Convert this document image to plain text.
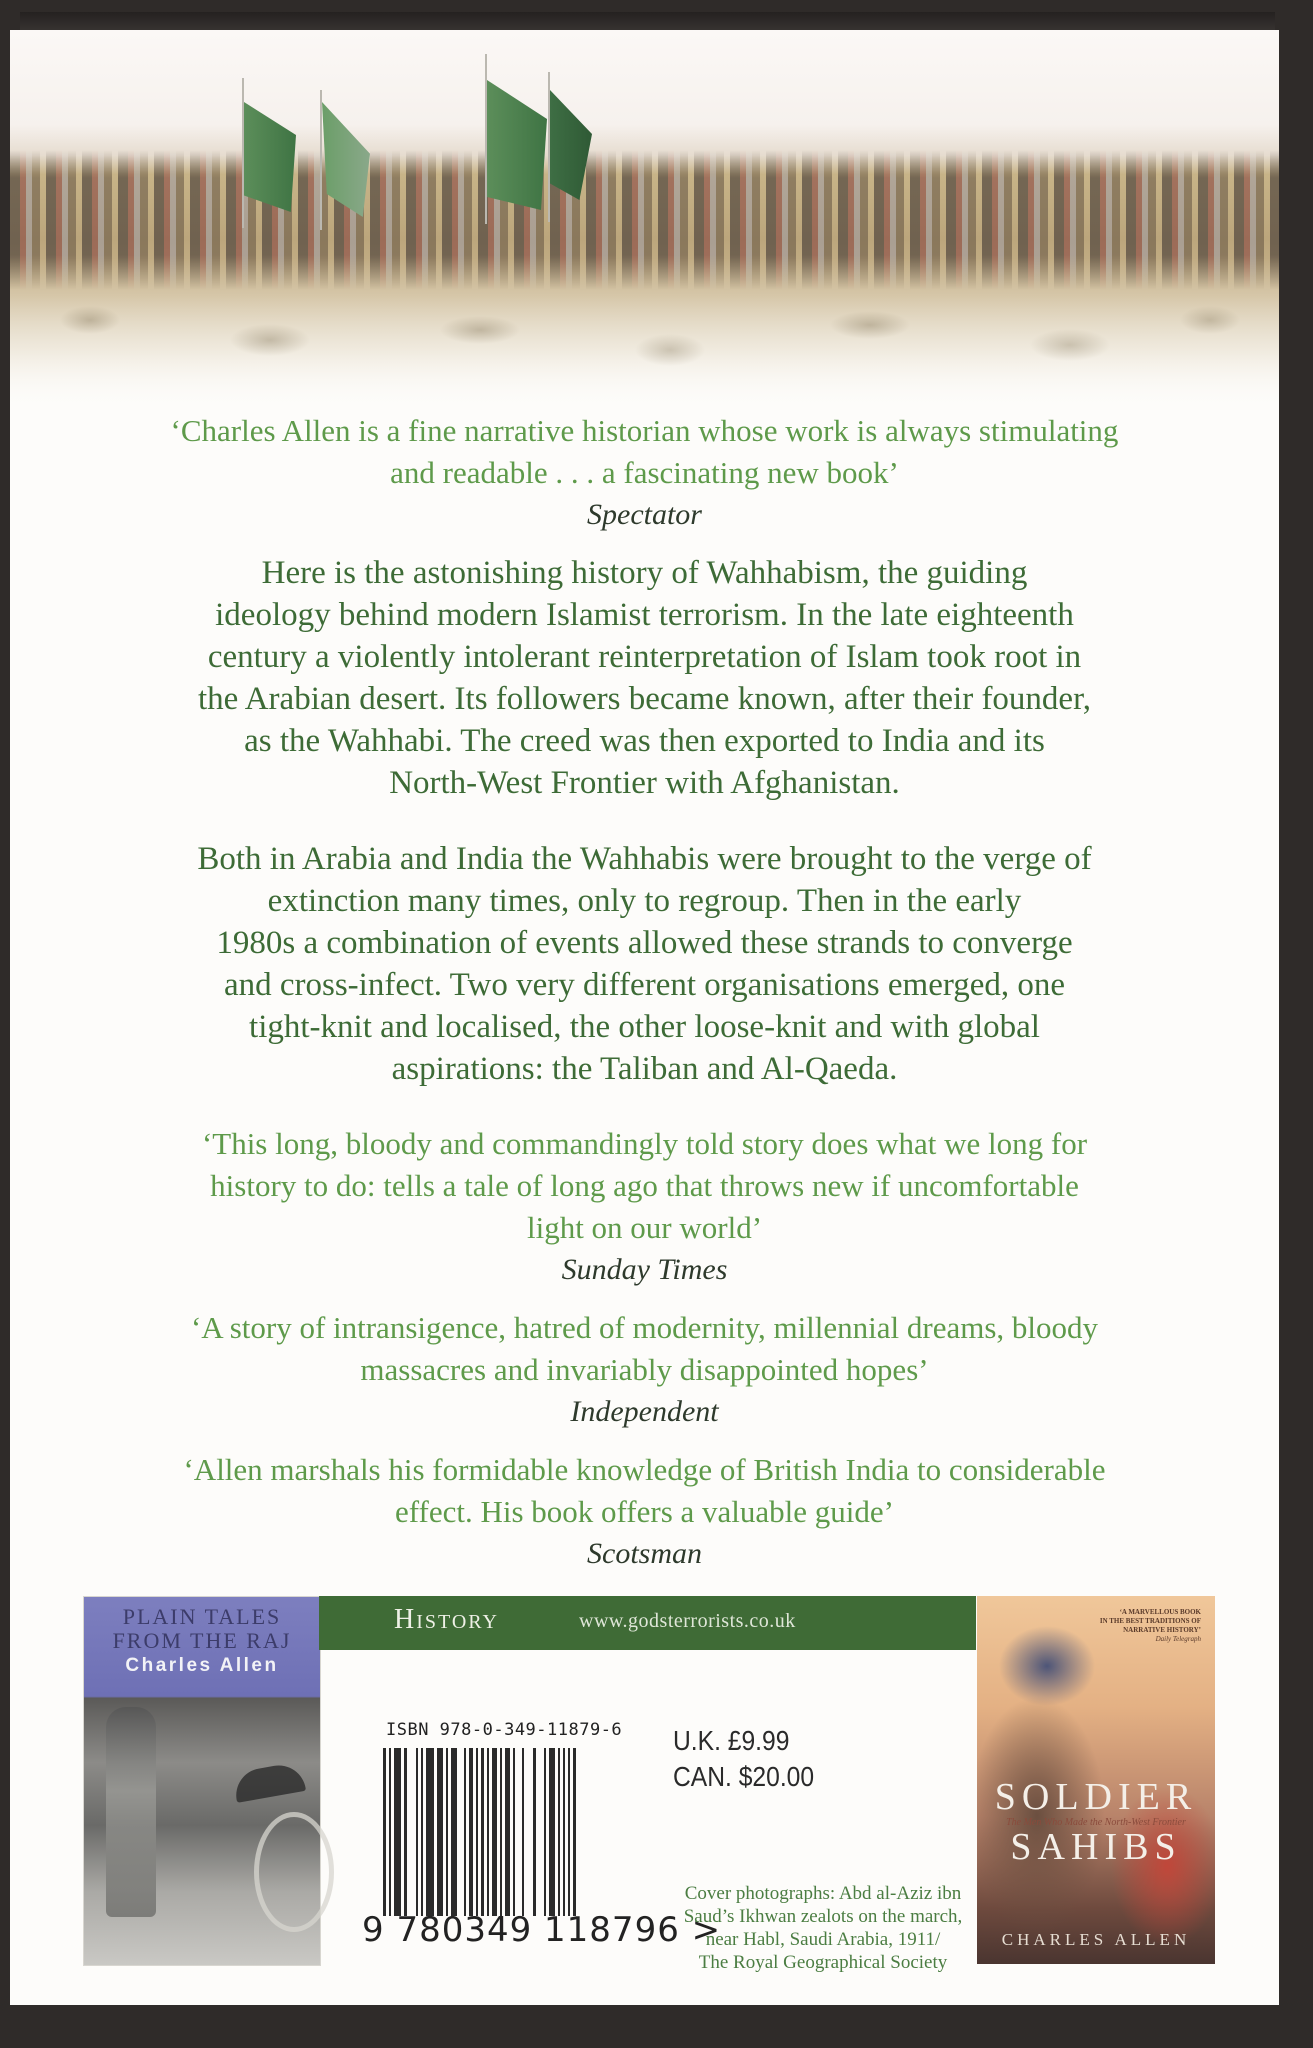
‘Charles Allen is a fine narrative historian whose work is always stimulating
and readable . . . a fascinating new book’
Spectator
Here is the astonishing history of Wahhabism, the guiding
ideology behind modern Islamist terrorism. In the late eighteenth
century a violently intolerant reinterpretation of Islam took root in
the Arabian desert. Its followers became known, after their founder,
as the Wahhabi. The creed was then exported to India and its
North-West Frontier with Afghanistan.
Both in Arabia and India the Wahhabis were brought to the verge of
extinction many times, only to regroup. Then in the early
1980s a combination of events allowed these strands to converge
and cross-infect. Two very different organisations emerged, one
tight-knit and localised, the other loose-knit and with global
aspirations: the Taliban and Al-Qaeda.
‘This long, bloody and commandingly told story does what we long for
history to do: tells a tale of long ago that throws new if uncomfortable
light on our world’
Sunday Times
‘A story of intransigence, hatred of modernity, millennial dreams, bloody
massacres and invariably disappointed hopes’
Independent
‘Allen marshals his formidable knowledge of British India to considerable
effect. His book offers a valuable guide’
Scotsman
PLAIN TALES
FROM THE RAJ
Charles Allen
History	www.godsterrorists.co.uk
ISBN 978-0-349-11879-6
9 780349 118796 >
U.K. £9.99
CAN. $20.00
Cover photographs: Abd al-Aziz ibn
Saud’s Ikhwan zealots on the march,
near Habl, Saudi Arabia, 1911/
The Royal Geographical Society
‘A MARVELLOUS BOOK
IN THE BEST TRADITIONS OF
NARRATIVE HISTORY’
Daily Telegraph
SOLDIER
The Men Who Made the North-West Frontier
SAHIBS
CHARLES ALLEN
